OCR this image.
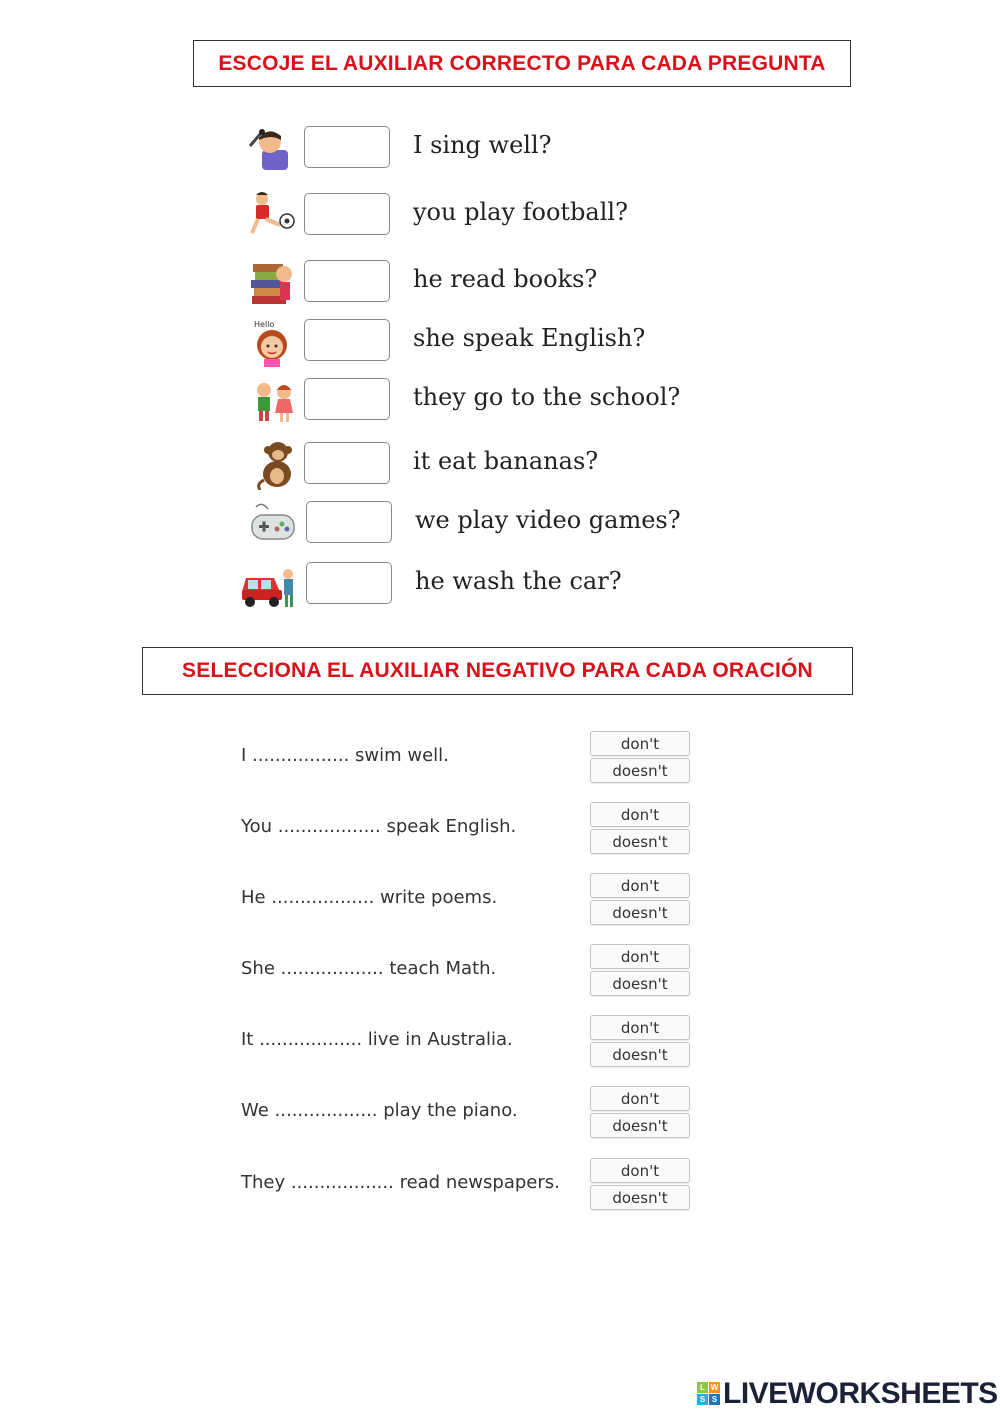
ESCOJE EL AUXILIAR CORRECTO PARA CADA PREGUNTA
I sing well?
you play football?
he read books?
Hello	she speak English?
they go to the school?
it eat bananas?
we play video games?
he wash the car?
SELECCIONA EL AUXILIAR NEGATIVO PARA CADA ORACIÓN
I ................. swim well.
don't
doesn't
You .................. speak English.
don't
doesn't
He .................. write poems.
don't
doesn't
She .................. teach Math.
don't
doesn't
It .................. live in Australia.
don't
doesn't
We .................. play the piano.
don't
doesn't
They .................. read newspapers.
don't
doesn't
L W
S S LIVEWORKSHEETS
